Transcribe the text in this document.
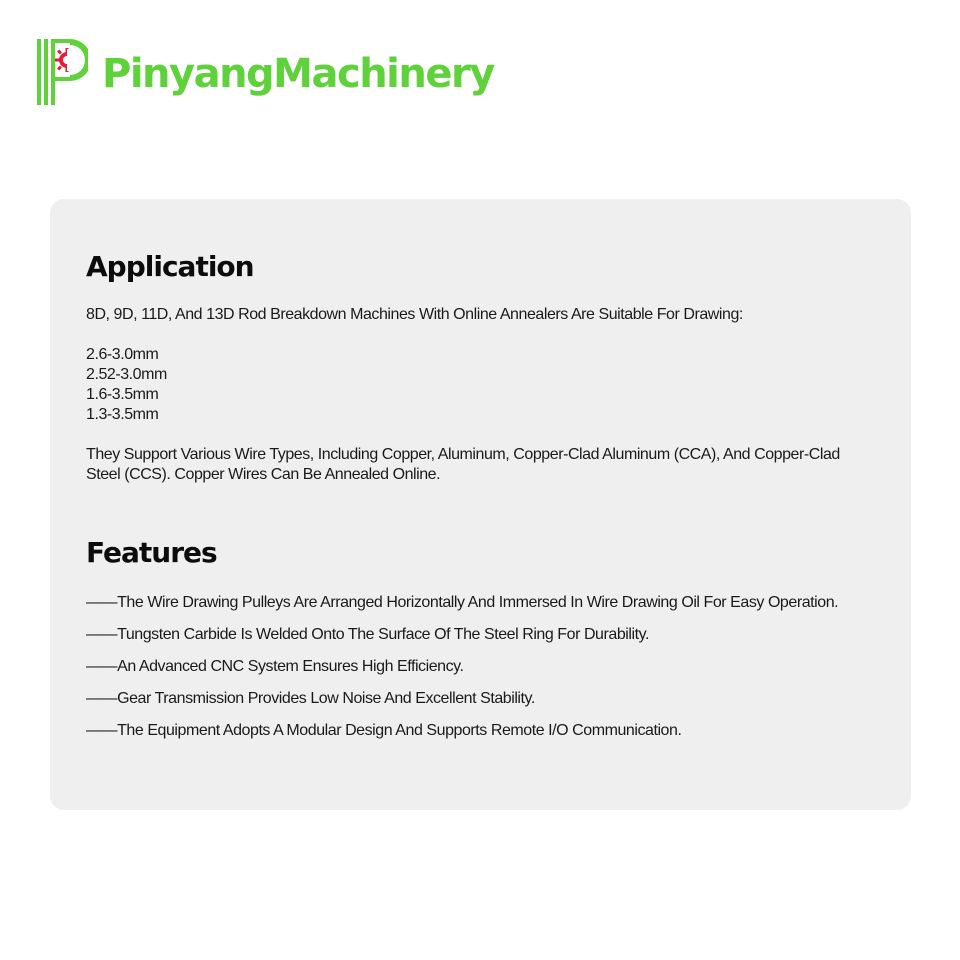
PinyangMachinery
Application

8D, 9D, 11D, And 13D Rod Breakdown Machines With Online Annealers Are Suitable For Drawing:

2.6-3.0mm
2.52-3.0mm
1.6-3.5mm
1.3-3.5mm

They Support Various Wire Types, Including Copper, Aluminum, Copper-Clad Aluminum (CCA), And Copper-Clad Steel (CCS). Copper Wires Can Be Annealed Online.

Features
——The Wire Drawing Pulleys Are Arranged Horizontally And Immersed In Wire Drawing Oil For Easy Operation.
——Tungsten Carbide Is Welded Onto The Surface Of The Steel Ring For Durability.
——An Advanced CNC System Ensures High Efficiency.
——Gear Transmission Provides Low Noise And Excellent Stability.
——The Equipment Adopts A Modular Design And Supports Remote I/O Communication.
